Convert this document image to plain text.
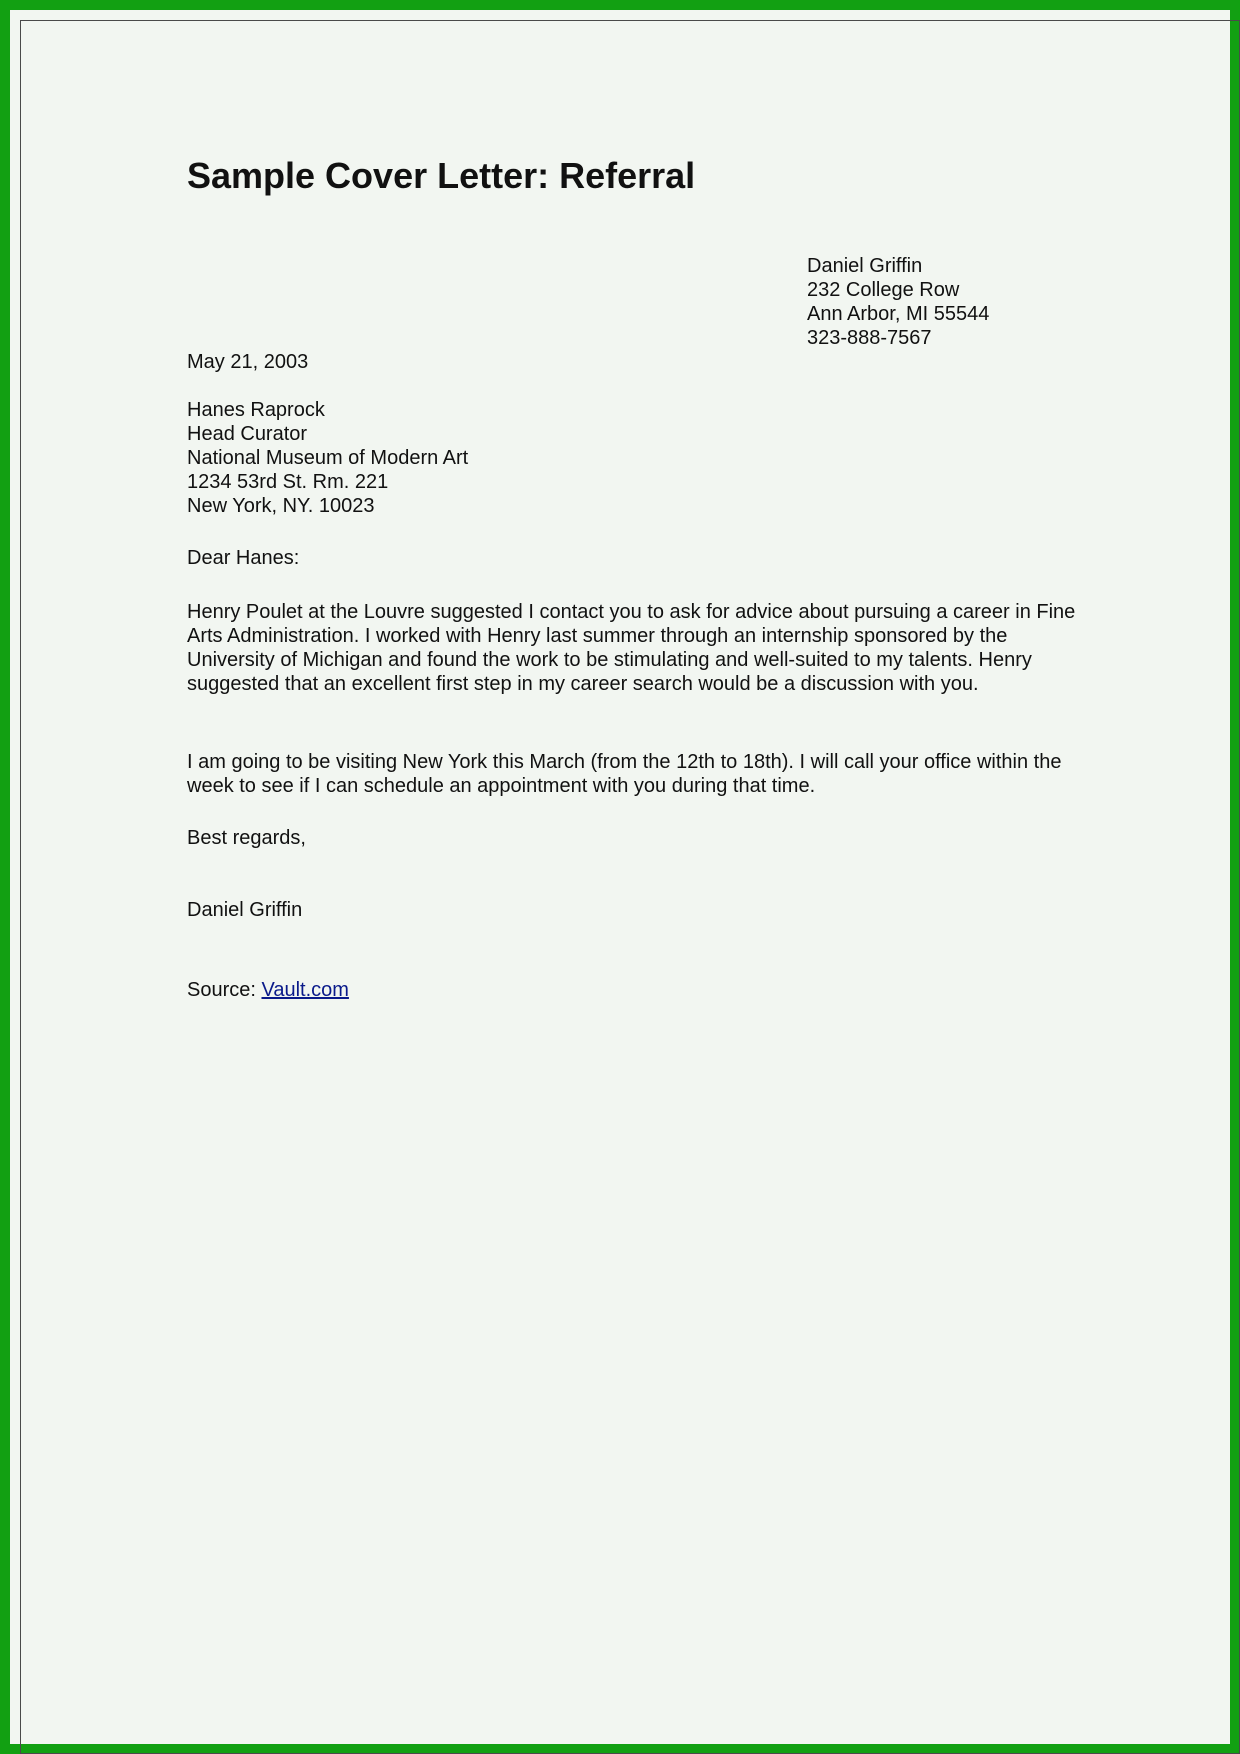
Sample Cover Letter: Referral
Daniel Griffin
232 College Row
Ann Arbor, MI 55544
323-888-7567
May 21, 2003
Hanes Raprock
Head Curator
National Museum of Modern Art
1234 53rd St. Rm. 221
New York, NY. 10023
Dear Hanes:

Henry Poulet at the Louvre suggested I contact you to ask for advice about pursuing a career in Fine Arts Administration. I worked with Henry last summer through an internship sponsored by the University of Michigan and found the work to be stimulating and well-suited to my talents. Henry suggested that an excellent first step in my career search would be a discussion with you.

I am going to be visiting New York this March (from the 12th to 18th). I will call your office within the week to see if I can schedule an appointment with you during that time.

Best regards,
Daniel Griffin
Source: Vault.com
